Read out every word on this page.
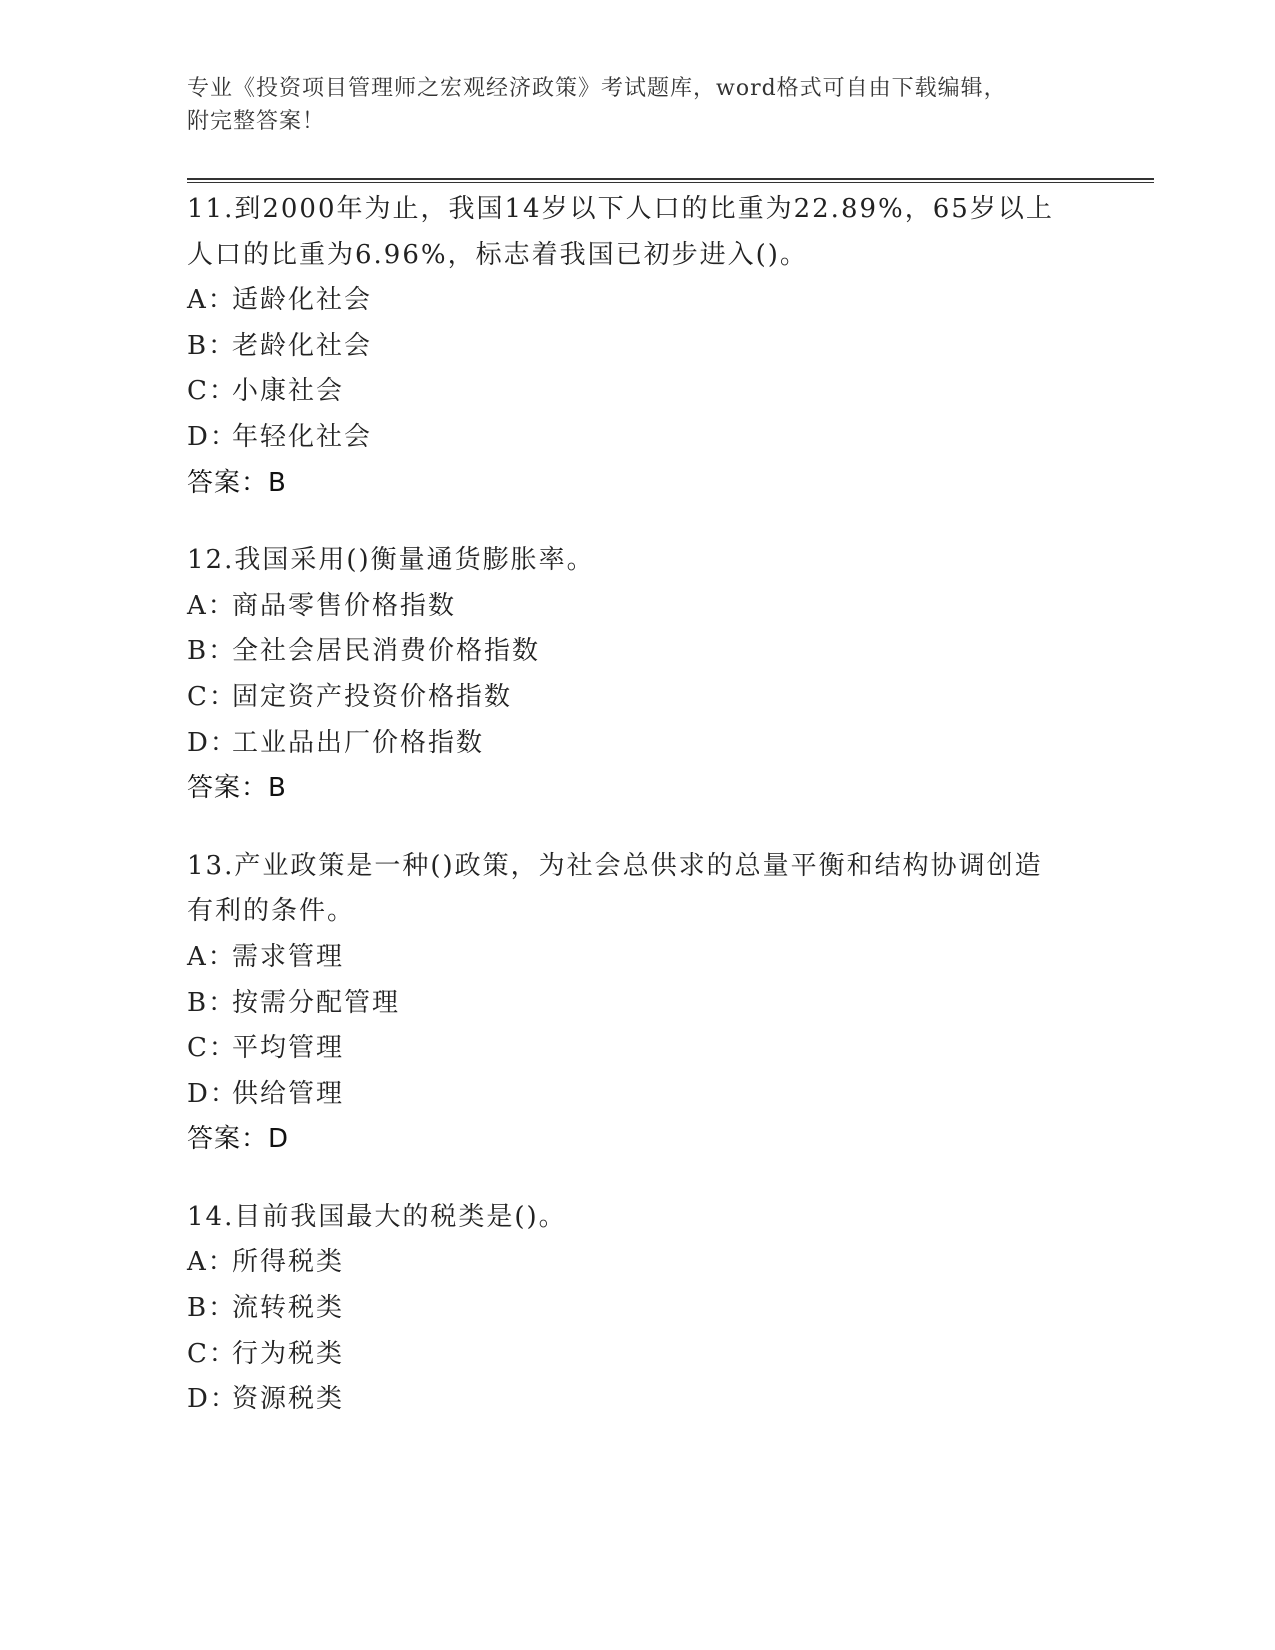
专业《投资项目管理师之宏观经济政策》考试题库，word格式可自由下载编辑，
附完整答案！
11.到2000年为止，我国14岁以下人口的比重为22.89%，65岁以上
人口的比重为6.96%，标志着我国已初步进入()。
A：适龄化社会
B：老龄化社会
C：小康社会
D：年轻化社会
答案：B
12.我国采用()衡量通货膨胀率。
A：商品零售价格指数
B：全社会居民消费价格指数
C：固定资产投资价格指数
D：工业品出厂价格指数
答案：B
13.产业政策是一种()政策，为社会总供求的总量平衡和结构协调创造
有利的条件。
A：需求管理
B：按需分配管理
C：平均管理
D：供给管理
答案：D
14.目前我国最大的税类是()。
A：所得税类
B：流转税类
C：行为税类
D：资源税类
